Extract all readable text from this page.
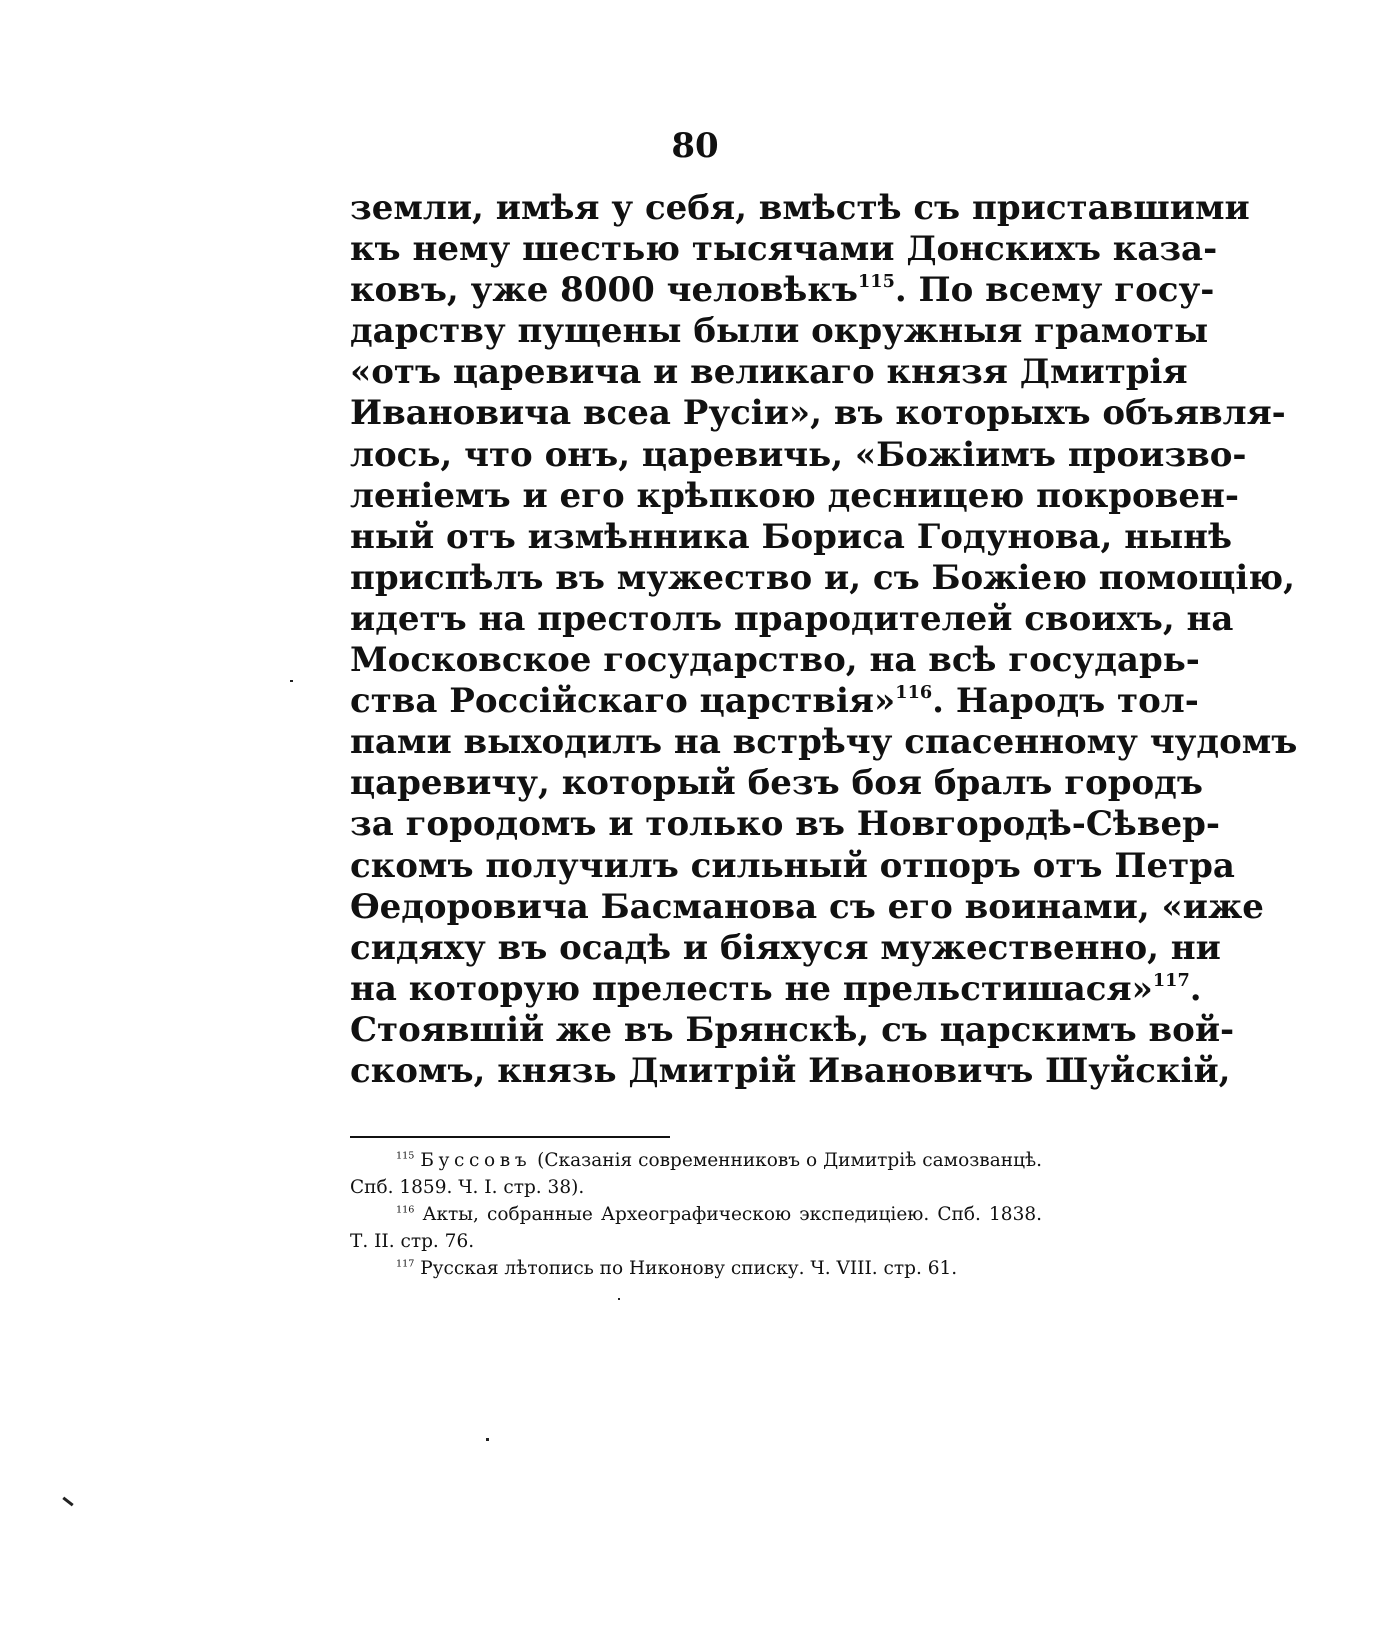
80
земли, имѣя у себя, вмѣстѣ съ приставшими
къ нему шестью тысячами Донскихъ каза-
ковъ, уже 8000 человѣкъ$^{115}$. По всему госу-
дарству пущены были окружныя грамоты
«отъ царевича и великаго князя Дмитрія
Ивановича всеа Русіи», въ которыхъ объявля-
лось, что онъ, царевичь, «Божіимъ произво-
леніемъ и его крѣпкою десницею покровен-
ный отъ измѣнника Бориса Годунова, нынѣ
приспѣлъ въ мужество и, съ Божіею помощію,
идетъ на престолъ прародителей своихъ, на
Московское государство, на всѣ государь-
ства Россійскаго царствія»$^{116}$. Народъ тол-
пами выходилъ на встрѣчу спасенному чудомъ
царевичу, который безъ боя бралъ городъ
за городомъ и только въ Новгородѣ-Сѣвер-
скомъ получилъ сильный отпоръ отъ Петра
Ѳедоровича Басманова съ его воинами, «иже
сидяху въ осадѣ и біяхуся мужественно, ни
на которую прелесть не прельстишася»$^{117}$.
Стоявшій же въ Брянскѣ, съ царскимъ вой-
скомъ, князь Дмитрій Ивановичъ Шуйскій,
$^{115}$ Буссовъ (Сказанія современниковъ о Димитріѣ самозванцѣ.
Спб. 1859. Ч. I. стр. 38).
$^{116}$ Акты, собранные Археографическою экспедиціею. Спб. 1838.
Т. II. стр. 76.
$^{117}$ Русская лѣтопись по Никонову списку. Ч. VIII. стр. 61.
